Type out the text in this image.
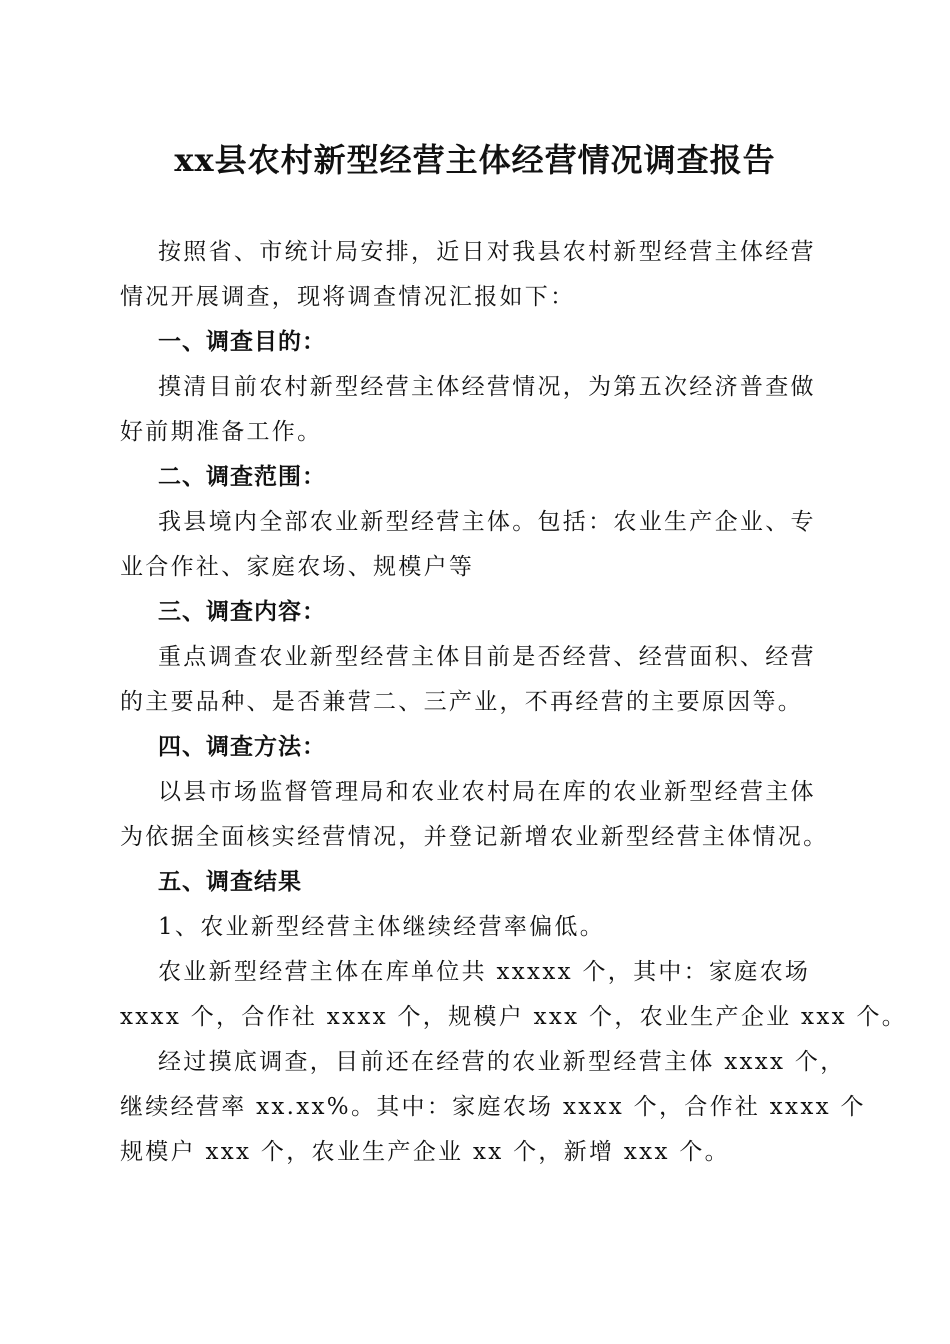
xx县农村新型经营主体经营情况调查报告
按照省、市统计局安排，近日对我县农村新型经营主体经营
情况开展调查，现将调查情况汇报如下：
一、调查目的：
摸清目前农村新型经营主体经营情况，为第五次经济普查做
好前期准备工作。
二、调查范围：
我县境内全部农业新型经营主体。包括：农业生产企业、专
业合作社、家庭农场、规模户等
三、调查内容：
重点调查农业新型经营主体目前是否经营、经营面积、经营
的主要品种、是否兼营二、三产业，不再经营的主要原因等。
四、调查方法：
以县市场监督管理局和农业农村局在库的农业新型经营主体
为依据全面核实经营情况，并登记新增农业新型经营主体情况。
五、调查结果
1、农业新型经营主体继续经营率偏低。
农业新型经营主体在库单位共 xxxxx 个，其中：家庭农场
xxxx 个，合作社 xxxx 个，规模户 xxx 个，农业生产企业 xxx 个。
经过摸底调查，目前还在经营的农业新型经营主体 xxxx 个，
继续经营率 xx.xx%。其中：家庭农场 xxxx 个，合作社 xxxx 个
规模户 xxx 个，农业生产企业 xx 个，新增 xxx 个。
